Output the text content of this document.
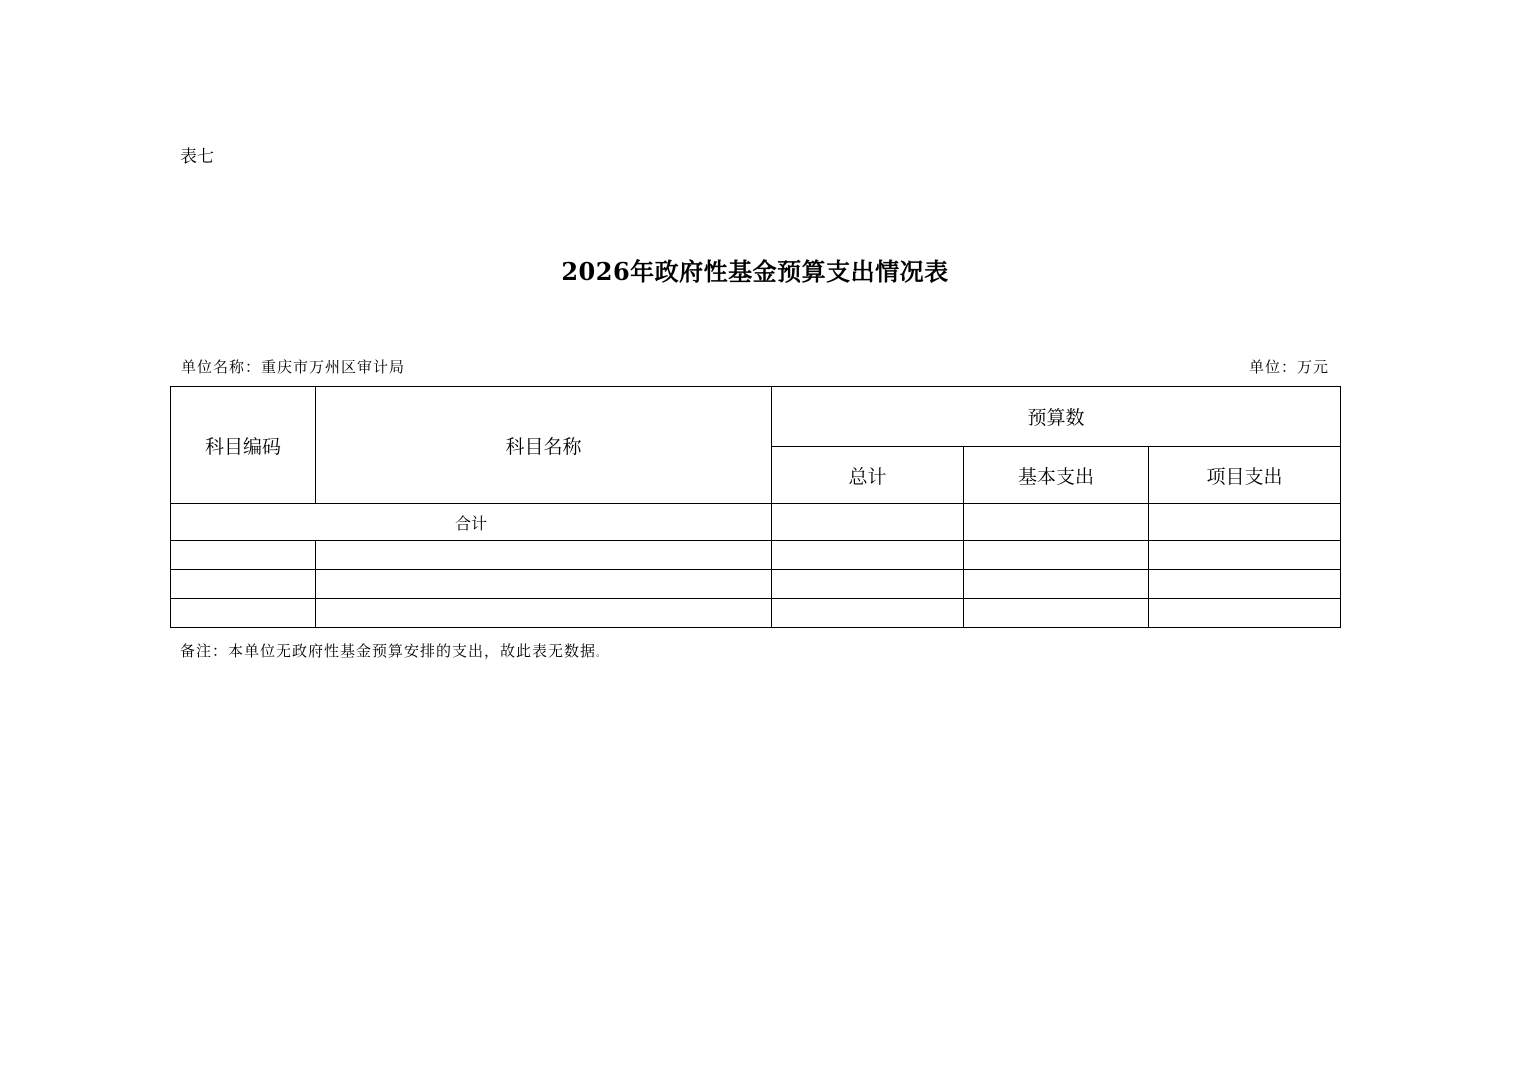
表七
2026年政府性基金预算支出情况表
单位名称：重庆市万州区审计局	单位：万元
科目编码	科目名称	预算数		
		总计	基本支出	项目支出
合计				

备注：本单位无政府性基金预算安排的支出，故此表无数据。
